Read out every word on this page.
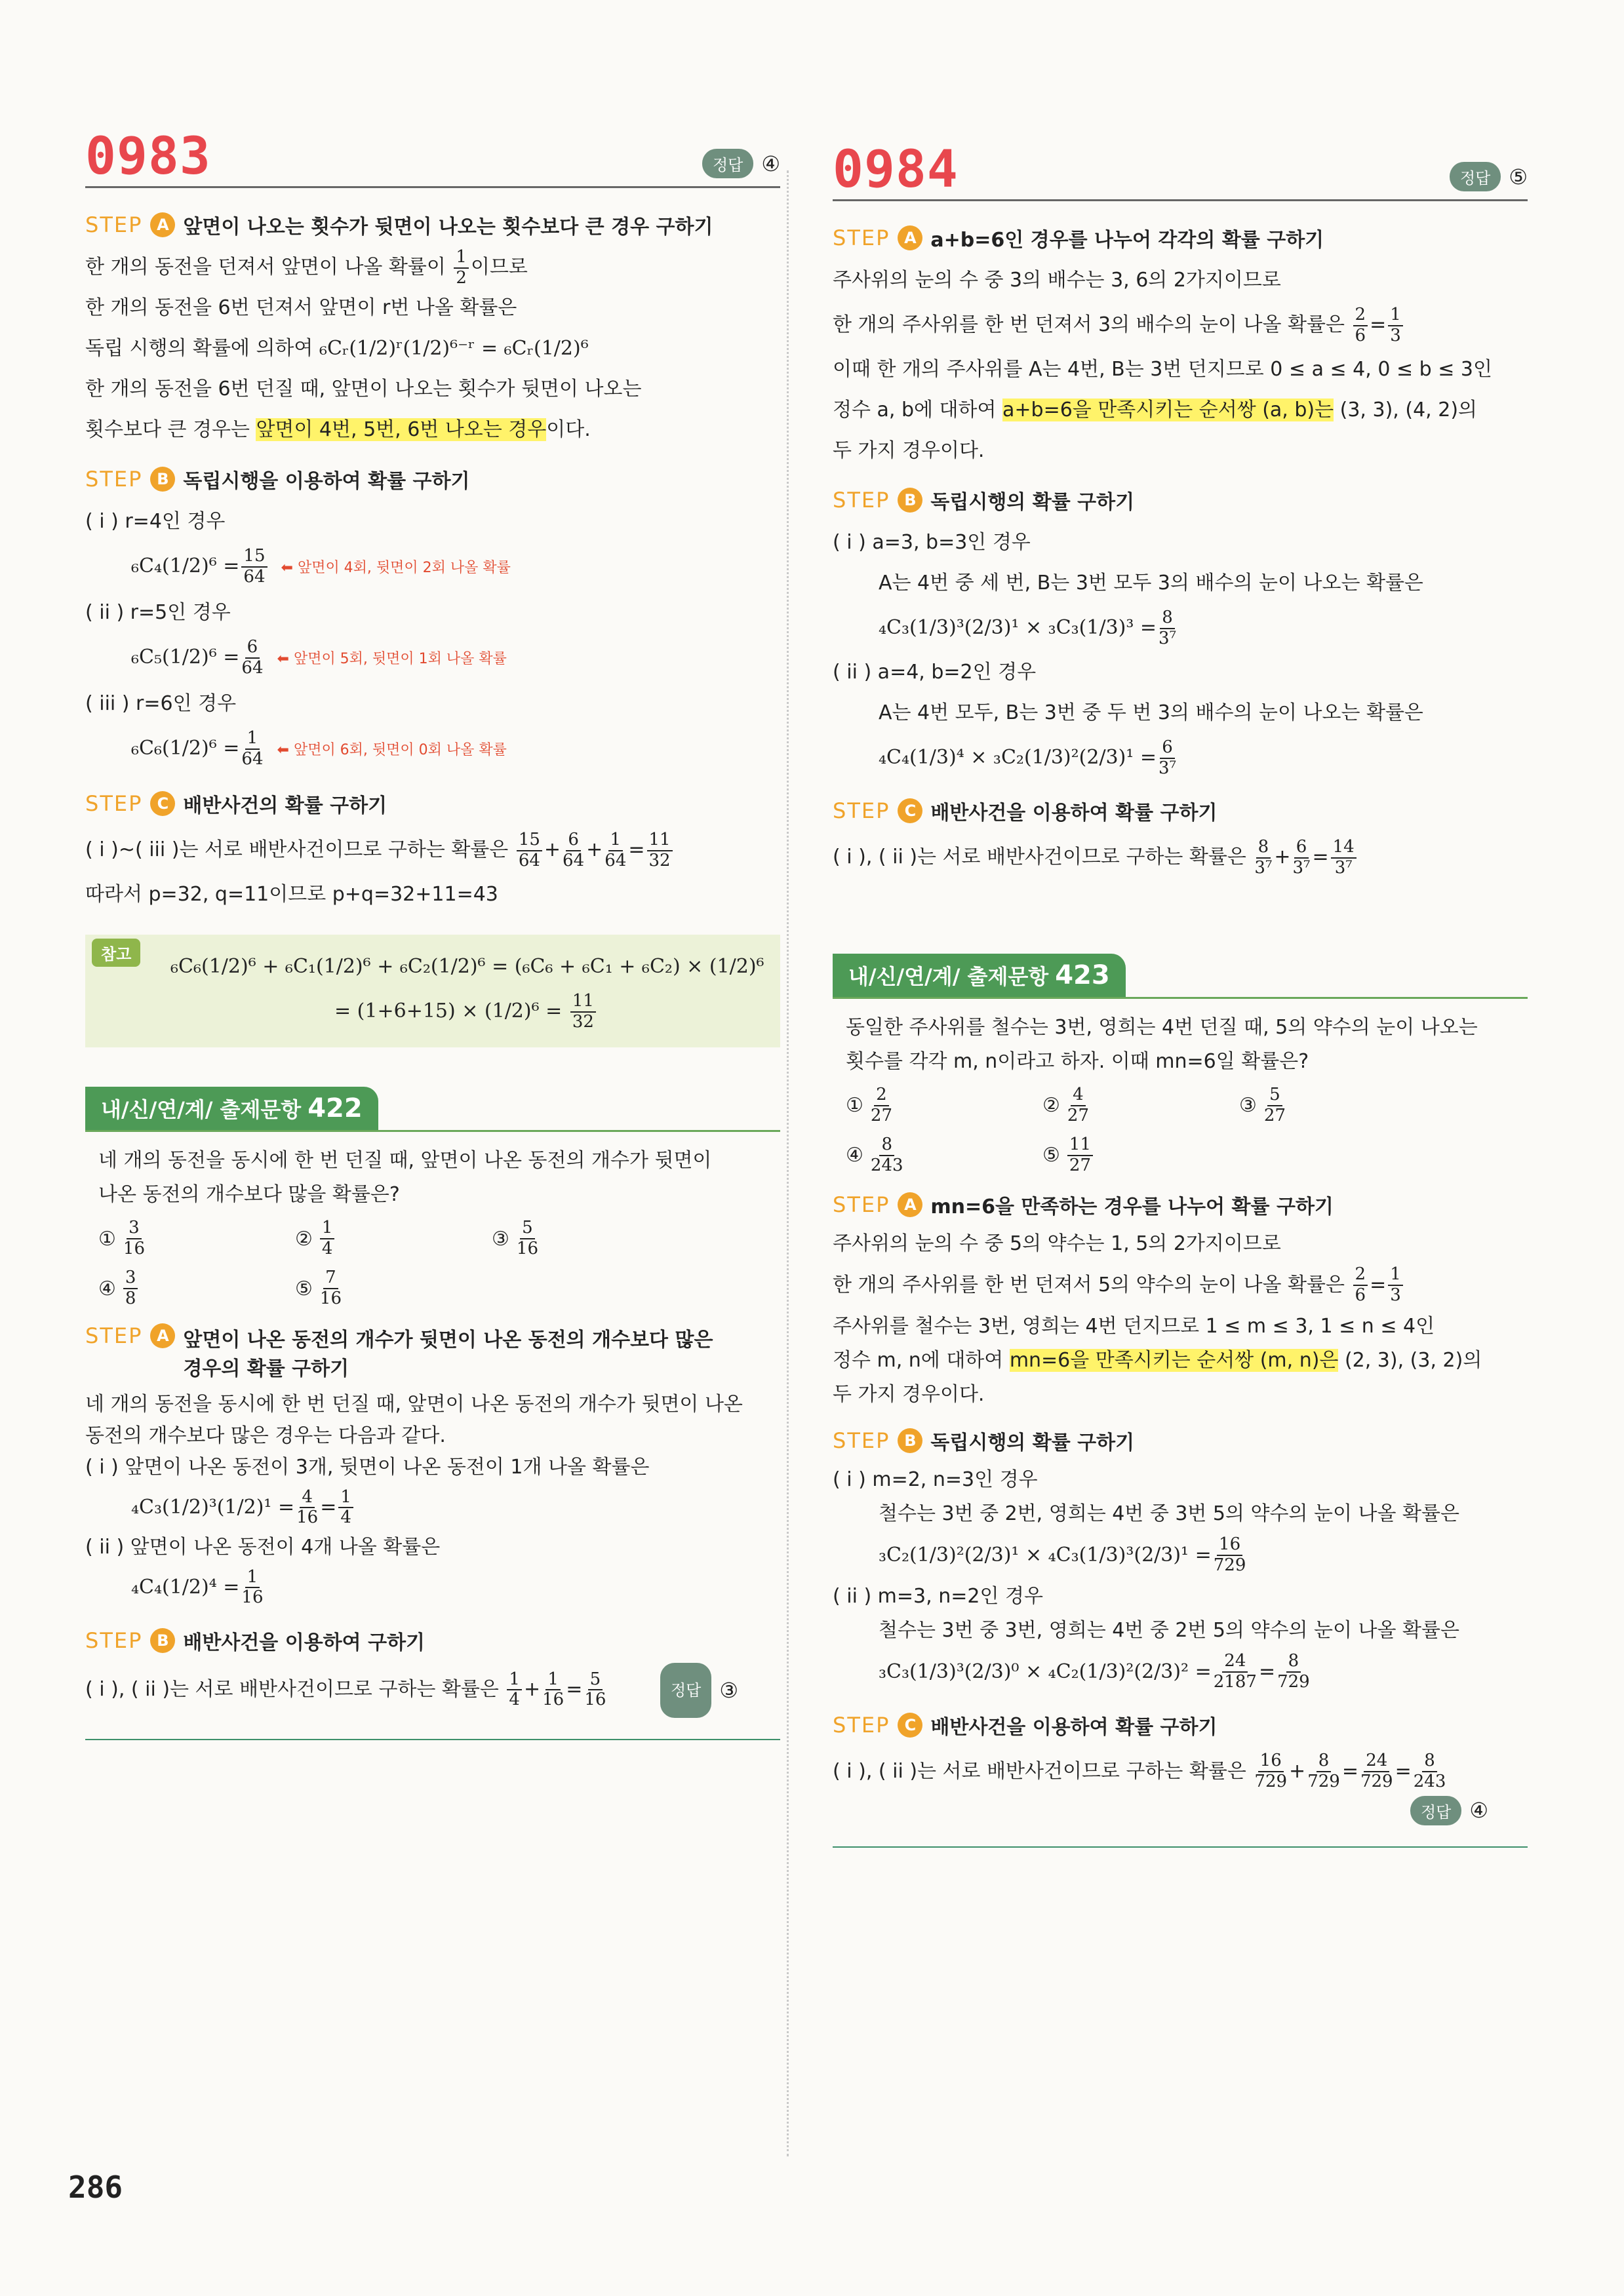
0983	정답 ④
STEP A 앞면이 나오는 횟수가 뒷면이 나오는 횟수보다 큰 경우 구하기
한 개의 동전을 던져서 앞면이 나올 확률이 $\frac{1}{2}$ 이므로
한 개의 동전을 6번 던져서 앞면이 r번 나올 확률은
독립 시행의 확률에 의하여 ₆Cᵣ(1/2)ʳ(1/2)⁶⁻ʳ = ₆Cᵣ(1/2)⁶
한 개의 동전을 6번 던질 때, 앞면이 나오는 횟수가 뒷면이 나오는
횟수보다 큰 경우는 앞면이 4번, 5번, 6번 나오는 경우이다.
STEP B 독립시행을 이용하여 확률 구하기
( i ) r=4인 경우
$_6C_4(1/2)^6 = \frac{15}{64}$ ⬅ 앞면이 4회, 뒷면이 2회 나올 확률
( ii ) r=5인 경우
$_6C_5(1/2)^6 = \frac{6}{64}$ ⬅ 앞면이 5회, 뒷면이 1회 나올 확률
( iii ) r=6인 경우
$_6C_6(1/2)^6 = \frac{1}{64}$ ⬅ 앞면이 6회, 뒷면이 0회 나올 확률
STEP C 배반사건의 확률 구하기
( i )~( iii )는 서로 배반사건이므로 구하는 확률은 $\frac{15}{64} + \frac{6}{64} + \frac{1}{64} = \frac{11}{32}$
따라서 p=32, q=11이므로 p+q=32+11=43
참고
₆C₆(1/2)⁶ + ₆C₁(1/2)⁶ + ₆C₂(1/2)⁶ = (₆C₆ + ₆C₁ + ₆C₂) × (1/2)⁶
= $(1+6+15) \times (1/2)^6 = \frac{11}{32}$
내/신/연/계/ 출제문항 422
네 개의 동전을 동시에 한 번 던질 때, 앞면이 나온 동전의 개수가 뒷면이
나온 동전의 개수보다 많을 확률은?
① $\frac{3}{16}$	② $\frac{1}{4}$	③ $\frac{5}{16}$
④ $\frac{3}{8}$	⑤ $\frac{7}{16}$
STEP A 앞면이 나온 동전의 개수가 뒷면이 나온 동전의 개수보다 많은
경우의 확률 구하기
네 개의 동전을 동시에 한 번 던질 때, 앞면이 나온 동전의 개수가 뒷면이 나온
동전의 개수보다 많은 경우는 다음과 같다.
( i ) 앞면이 나온 동전이 3개, 뒷면이 나온 동전이 1개 나올 확률은
$_4C_3(1/2)^3(1/2)^1 = \frac{4}{16} = \frac{1}{4}$
( ii ) 앞면이 나온 동전이 4개 나올 확률은
$_4C_4(1/2)^4 = \frac{1}{16}$
STEP B 배반사건을 이용하여 구하기
( i ), ( ii )는 서로 배반사건이므로 구하는 확률은 $\frac{1}{4} + \frac{1}{16} = \frac{5}{16}$
	정답 ③
0984	정답 ⑤
STEP A a+b=6인 경우를 나누어 각각의 확률 구하기
주사위의 눈의 수 중 3의 배수는 3, 6의 2가지이므로
한 개의 주사위를 한 번 던져서 3의 배수의 눈이 나올 확률은 $\frac{2}{6} = \frac{1}{3}$
이때 한 개의 주사위를 A는 4번, B는 3번 던지므로 0 ≤ a ≤ 4, 0 ≤ b ≤ 3인
정수 a, b에 대하여 a+b=6을 만족시키는 순서쌍 (a, b)는 (3, 3), (4, 2)의
두 가지 경우이다.
STEP B 독립시행의 확률 구하기
( i ) a=3, b=3인 경우
A는 4번 중 세 번, B는 3번 모두 3의 배수의 눈이 나오는 확률은
$_4C_3(1/3)^3(2/3)^1 \times _3C_3(1/3)^3 = \frac{8}{\text{3⁷}}$
( ii ) a=4, b=2인 경우
A는 4번 모두, B는 3번 중 두 번 3의 배수의 눈이 나오는 확률은
$_4C_4(1/3)^4 \times _3C_2(1/3)^2(2/3)^1 = \frac{6}{\text{3⁷}}$
STEP C 배반사건을 이용하여 확률 구하기
( i ), ( ii )는 서로 배반사건이므로 구하는 확률은 $\frac{8}{\text{3⁷}} + \frac{6}{\text{3⁷}} = \frac{14}{\text{3⁷}}$
내/신/연/계/ 출제문항 423
동일한 주사위를 철수는 3번, 영희는 4번 던질 때, 5의 약수의 눈이 나오는
횟수를 각각 m, n이라고 하자. 이때 mn=6일 확률은?
① $\frac{2}{27}$	② $\frac{4}{27}$	③ $\frac{5}{27}$
④ $\frac{8}{243}$	⑤ $\frac{11}{27}$
STEP A mn=6을 만족하는 경우를 나누어 확률 구하기
주사위의 눈의 수 중 5의 약수는 1, 5의 2가지이므로
한 개의 주사위를 한 번 던져서 5의 약수의 눈이 나올 확률은 $\frac{2}{6} = \frac{1}{3}$
주사위를 철수는 3번, 영희는 4번 던지므로 1 ≤ m ≤ 3, 1 ≤ n ≤ 4인
정수 m, n에 대하여 mn=6을 만족시키는 순서쌍 (m, n)은 (2, 3), (3, 2)의
두 가지 경우이다.
STEP B 독립시행의 확률 구하기
( i ) m=2, n=3인 경우
철수는 3번 중 2번, 영희는 4번 중 3번 5의 약수의 눈이 나올 확률은
$_3C_2(1/3)^2(2/3)^1 \times _4C_3(1/3)^3(2/3)^1 = \frac{16}{729}$
( ii ) m=3, n=2인 경우
철수는 3번 중 3번, 영희는 4번 중 2번 5의 약수의 눈이 나올 확률은
$_3C_3(1/3)^3(2/3)^0 \times _4C_2(1/3)^2(2/3)^2 = \frac{24}{2187} = \frac{8}{729}$
STEP C 배반사건을 이용하여 확률 구하기
( i ), ( ii )는 서로 배반사건이므로 구하는 확률은 $\frac{16}{729} + \frac{8}{729} = \frac{24}{729} = \frac{8}{243}$
정답 ④
286
